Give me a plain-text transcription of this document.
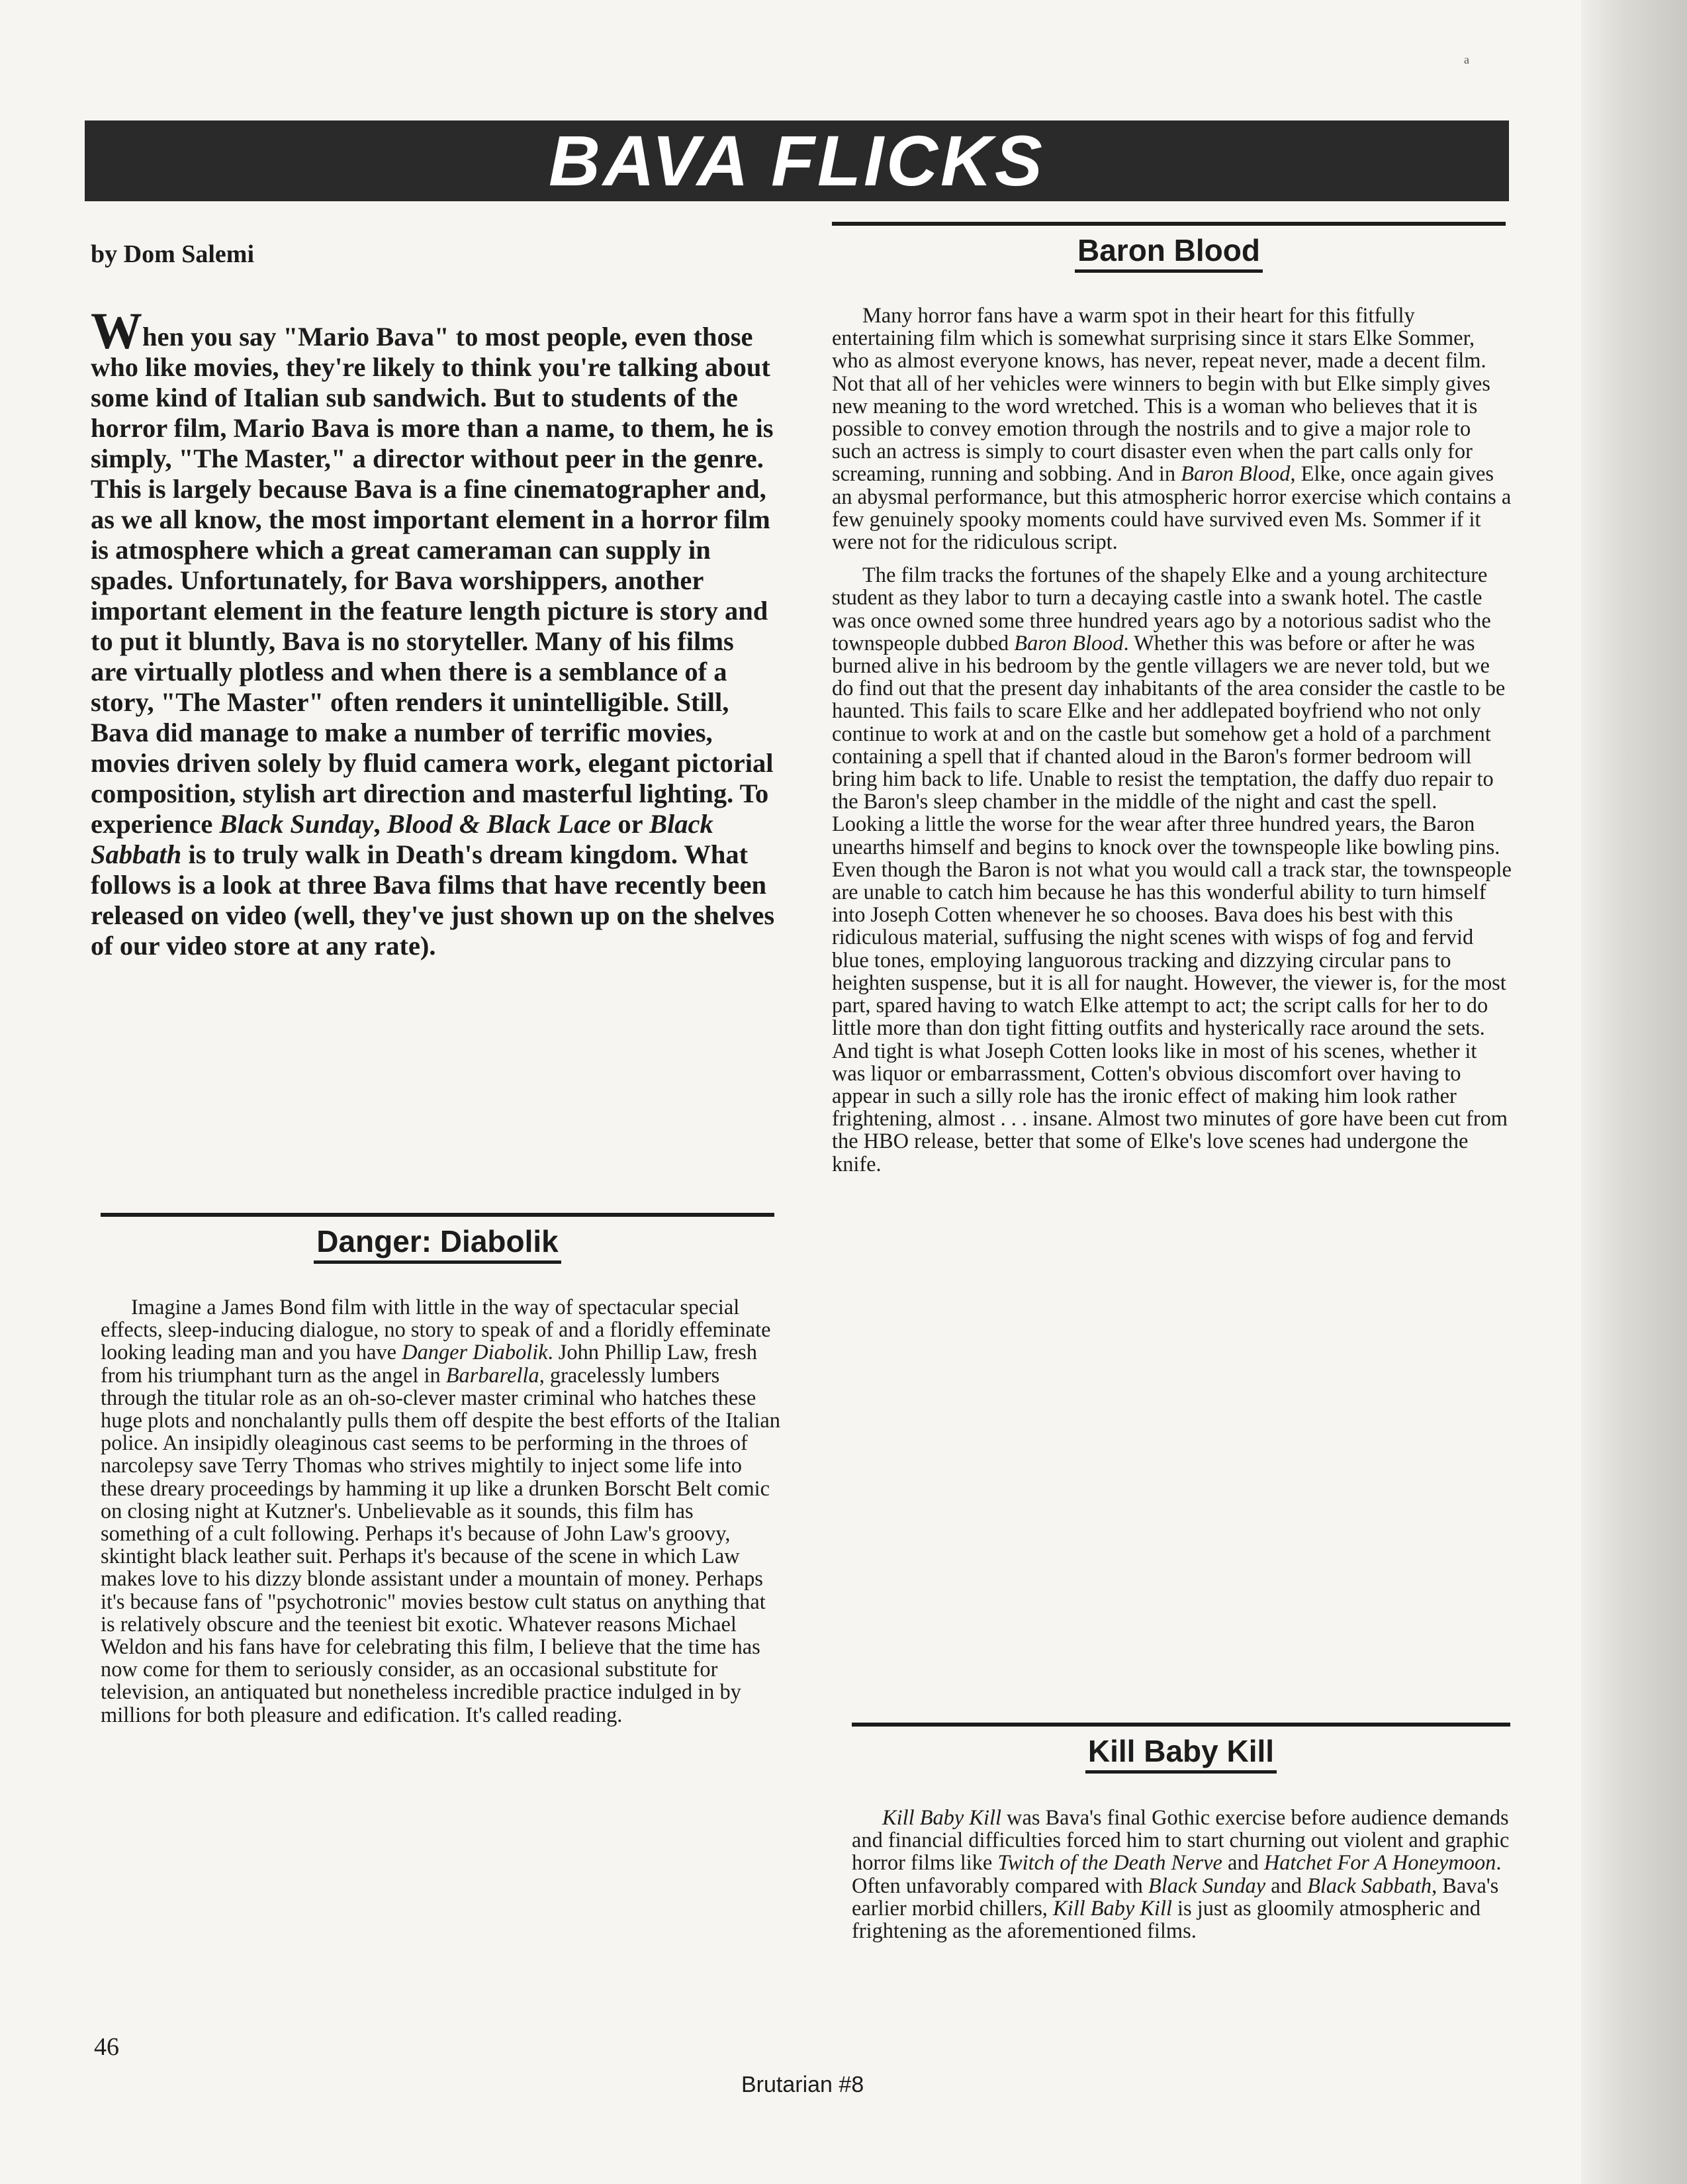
a
BAVA FLICKS
by Dom Salemi

When you say "Mario Bava" to most people, even those who like movies, they're likely to think you're talking about some kind of Italian sub sandwich. But to students of the horror film, Mario Bava is more than a name, to them, he is simply, "The Master," a director without peer in the genre. This is largely because Bava is a fine cinematographer and, as we all know, the most important element in a horror film is atmosphere which a great cameraman can supply in spades. Unfortunately, for Bava worshippers, another important element in the feature length picture is story and to put it bluntly, Bava is no storyteller. Many of his films are virtually plotless and when there is a semblance of a story, "The Master" often renders it unintelligible. Still, Bava did manage to make a number of terrific movies, movies driven solely by fluid camera work, elegant pictorial composition, stylish art direction and masterful lighting. To experience Black Sunday, Blood & Black Lace or Black Sabbath is to truly walk in Death's dream kingdom. What follows is a look at three Bava films that have recently been released on video (well, they've just shown up on the shelves of our video store at any rate).

Danger: Diabolik

Imagine a James Bond film with little in the way of spectacular special effects, sleep-inducing dialogue, no story to speak of and a floridly effeminate looking leading man and you have Danger Diabolik. John Phillip Law, fresh from his triumphant turn as the angel in Barbarella, gracelessly lumbers through the titular role as an oh-so-clever master criminal who hatches these huge plots and nonchalantly pulls them off despite the best efforts of the Italian police. An insipidly oleaginous cast seems to be performing in the throes of narcolepsy save Terry Thomas who strives mightily to inject some life into these dreary proceedings by hamming it up like a drunken Borscht Belt comic on closing night at Kutzner's. Unbelievable as it sounds, this film has something of a cult following. Perhaps it's because of John Law's groovy, skintight black leather suit. Perhaps it's because of the scene in which Law makes love to his dizzy blonde assistant under a mountain of money. Perhaps it's because fans of "psychotronic" movies bestow cult status on anything that is relatively obscure and the teeniest bit exotic. Whatever reasons Michael Weldon and his fans have for celebrating this film, I believe that the time has now come for them to seriously consider, as an occasional substitute for television, an antiquated but nonetheless incredible practice indulged in by millions for both pleasure and edification. It's called reading.

Baron Blood

Many horror fans have a warm spot in their heart for this fitfully entertaining film which is somewhat surprising since it stars Elke Sommer, who as almost everyone knows, has never, repeat never, made a decent film. Not that all of her vehicles were winners to begin with but Elke simply gives new meaning to the word wretched. This is a woman who believes that it is possible to convey emotion through the nostrils and to give a major role to such an actress is simply to court disaster even when the part calls only for screaming, running and sobbing. And in Baron Blood, Elke, once again gives an abysmal performance, but this atmospheric horror exercise which contains a few genuinely spooky moments could have survived even Ms. Sommer if it were not for the ridiculous script.

The film tracks the fortunes of the shapely Elke and a young architecture student as they labor to turn a decaying castle into a swank hotel. The castle was once owned some three hundred years ago by a notorious sadist who the townspeople dubbed Baron Blood. Whether this was before or after he was burned alive in his bedroom by the gentle villagers we are never told, but we do find out that the present day inhabitants of the area consider the castle to be haunted. This fails to scare Elke and her addlepated boyfriend who not only continue to work at and on the castle but somehow get a hold of a parchment containing a spell that if chanted aloud in the Baron's former bedroom will bring him back to life. Unable to resist the temptation, the daffy duo repair to the Baron's sleep chamber in the middle of the night and cast the spell. Looking a little the worse for the wear after three hundred years, the Baron unearths himself and begins to knock over the townspeople like bowling pins. Even though the Baron is not what you would call a track star, the townspeople are unable to catch him because he has this wonderful ability to turn himself into Joseph Cotten whenever he so chooses. Bava does his best with this ridiculous material, suffusing the night scenes with wisps of fog and fervid blue tones, employing languorous tracking and dizzying circular pans to heighten suspense, but it is all for naught. However, the viewer is, for the most part, spared having to watch Elke attempt to act; the script calls for her to do little more than don tight fitting outfits and hysterically race around the sets. And tight is what Joseph Cotten looks like in most of his scenes, whether it was liquor or embarrassment, Cotten's obvious discomfort over having to appear in such a silly role has the ironic effect of making him look rather frightening, almost . . . insane. Almost two minutes of gore have been cut from the HBO release, better that some of Elke's love scenes had undergone the knife.

Kill Baby Kill

Kill Baby Kill was Bava's final Gothic exercise before audience demands and financial difficulties forced him to start churning out violent and graphic horror films like Twitch of the Death Nerve and Hatchet For A Honeymoon. Often unfavorably compared with Black Sunday and Black Sabbath, Bava's earlier morbid chillers, Kill Baby Kill is just as gloomily atmospheric and frightening as the aforementioned films.

46
Brutarian #8
